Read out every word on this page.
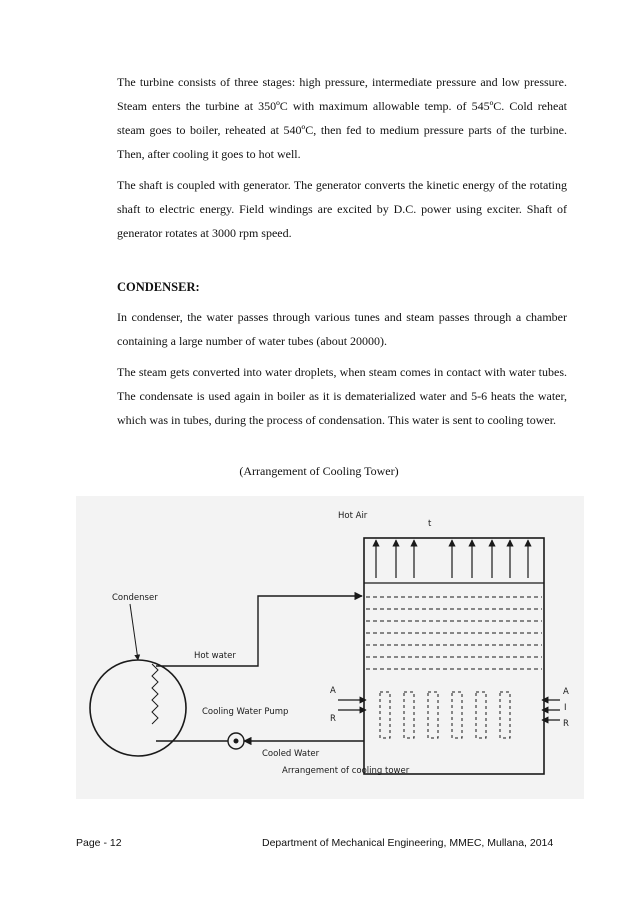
The turbine consists of three stages: high pressure, intermediate pressure and low pressure. Steam enters the turbine at 350ºC with maximum allowable temp. of 545ºC. Cold reheat steam goes to boiler, reheated at 540ºC, then fed to medium pressure parts of the turbine. Then, after cooling it goes to hot well.

The shaft is coupled with generator. The generator converts the kinetic energy of the rotating shaft to electric energy. Field windings are excited by D.C. power using exciter. Shaft of generator rotates at 3000 rpm speed.

CONDENSER:

In condenser, the water passes through various tunes and steam passes through a chamber containing a large number of water tubes (about 20000).

The steam gets converted into water droplets, when steam comes in contact with water tubes. The condensate is used again in boiler as it is dematerialized water and 5-6 heats the water, which was in tubes, during the process of condensation. This water is sent to cooling tower.

(Arrangement of Cooling Tower)
Hot Air
t
Condenser
Hot water
Cooling Water Pump
Cooled Water
Arrangement of cooling tower
A
R
A
I
R
Page - 12	Department of Mechanical Engineering, MMEC, Mullana, 2014
